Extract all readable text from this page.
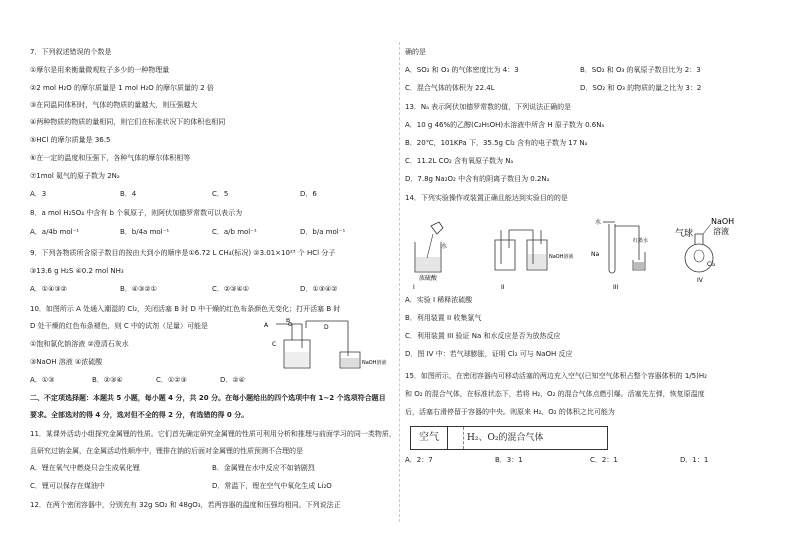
7．下列叙述错误的个数是
①摩尔是用来衡量微观粒子多少的一种物理量
②2 mol H₂O 的摩尔质量是 1 mol H₂O 的摩尔质量的 2 倍
③在同温同体积时，气体的物质的量越大，则压强越大
④两种物质的物质的量相同，则它们在标准状况下的体积也相同
⑤HCl 的摩尔质量是 36.5
⑥在一定的温度和压强下，各种气体的摩尔体积相等
⑦1mol 氦气的原子数为 2Nₐ
A．3	B．4	C．5	D．6
8．a mol H₂SO₄ 中含有 b 个氧原子，则阿伏加德罗常数可以表示为
A．a/4b mol⁻¹	B．b/4a mol⁻¹	C．a/b mol⁻¹	D．b/a mol⁻¹
9．下列各物质所含原子数目的按由大到小的顺序是①6.72 L CH₄(标况) ②3.01×10²³ 个 HCl 分子
③13.6 g H₂S ④0.2 mol NH₃
A．①④③②	B．④③②①	C．②③④①	D．①③④②
10．如图所示 A 处通入潮湿的 Cl₂，关闭活塞 B 时 D 中干燥的红色布条颜色无变化；打开活塞 B 时
D 处干燥的红色布条褪色，则 C 中的试剂（足量）可能是
①饱和氯化钠溶液 ②澄清石灰水
③NaOH 溶液 ④浓硫酸
A．①③	B．②③④	C．①②③	D．②④
A
B
C
D
NaOH溶液
二、不定项选择题：本题共 5 小题，每小题 4 分，共 20 分。在每小题给出的四个选项中有 1~2 个选项符合题目
要求。全部选对的得 4 分，选对但不全的得 2 分，有选错的得 0 分。
11．某课外活动小组探究金属锂的性质。它们首先确定研究金属锂的性质可利用分析和推理与前面学习的同一类物质，
且研究过钠金属，在金属活动性顺序中，锂排在钠的后面对金属锂的性质预测不合理的是
A．锂在氧气中燃烧只会生成氧化锂	B．金属锂在水中反应不如钠剧烈
C．锂可以保存在煤油中	D．常温下，锂在空气中氧化生成 Li₂O
12．在两个密闭容器中，分别充有 32g SO₂ 和 48gO₃，若两容器的温度和压强均相同。下列说法正
确的是
A．SO₂ 和 O₃ 的气体密度比为 4：3	B．SO₂ 和 O₃ 的氧原子数目比为 2：3
C．混合气体的体积为 22.4L	D．SO₂ 和 O₃ 的物质的量之比为 3：2
13．Nₐ 表示阿伏加德罗常数的值，下列说法正确的是
A．10 g 46%的乙醇(C₂H₅OH)水溶液中所含 H 原子数为 0.6Nₐ
B．20℃，101KPa 下，35.5g Cl₂ 含有的电子数为 17 Nₐ
C．11.2L CO₂ 含有氧原子数为 Nₐ
D．7.8g Na₂O₂ 中含有的阴离子数目为 0.2Nₐ
14．下列实验操作或装置正确且能达到实验目的的是
水
浓硫酸
I
NaOH溶液
II
水
Na
红墨水
III
气球
NaOH
溶液
Cl₂
IV
A．实验 I 稀释浓硫酸
B．利用装置 II 收集氯气
C．利用装置 III 验证 Na 和水反应是否为放热反应
D．图 IV 中：若气球膨胀，证明 Cl₂ 可与 NaOH 反应
15．如图所示，在密闭容器内可移动活塞的两边充入空气(已知空气体积占整个容器体积的 1/5)H₂
和 O₂ 的混合气体，在标准状态下，若将 H₂、O₂ 的混合气体点燃引爆。活塞先左弹，恢复原温度
后，活塞右滑停留于容器的中央。则原来 H₂、O₂ 的体积之比可能为
空气	H₂、O₂的混合气体
A．2：7	B．3：1	C．2：1	D．1：1
